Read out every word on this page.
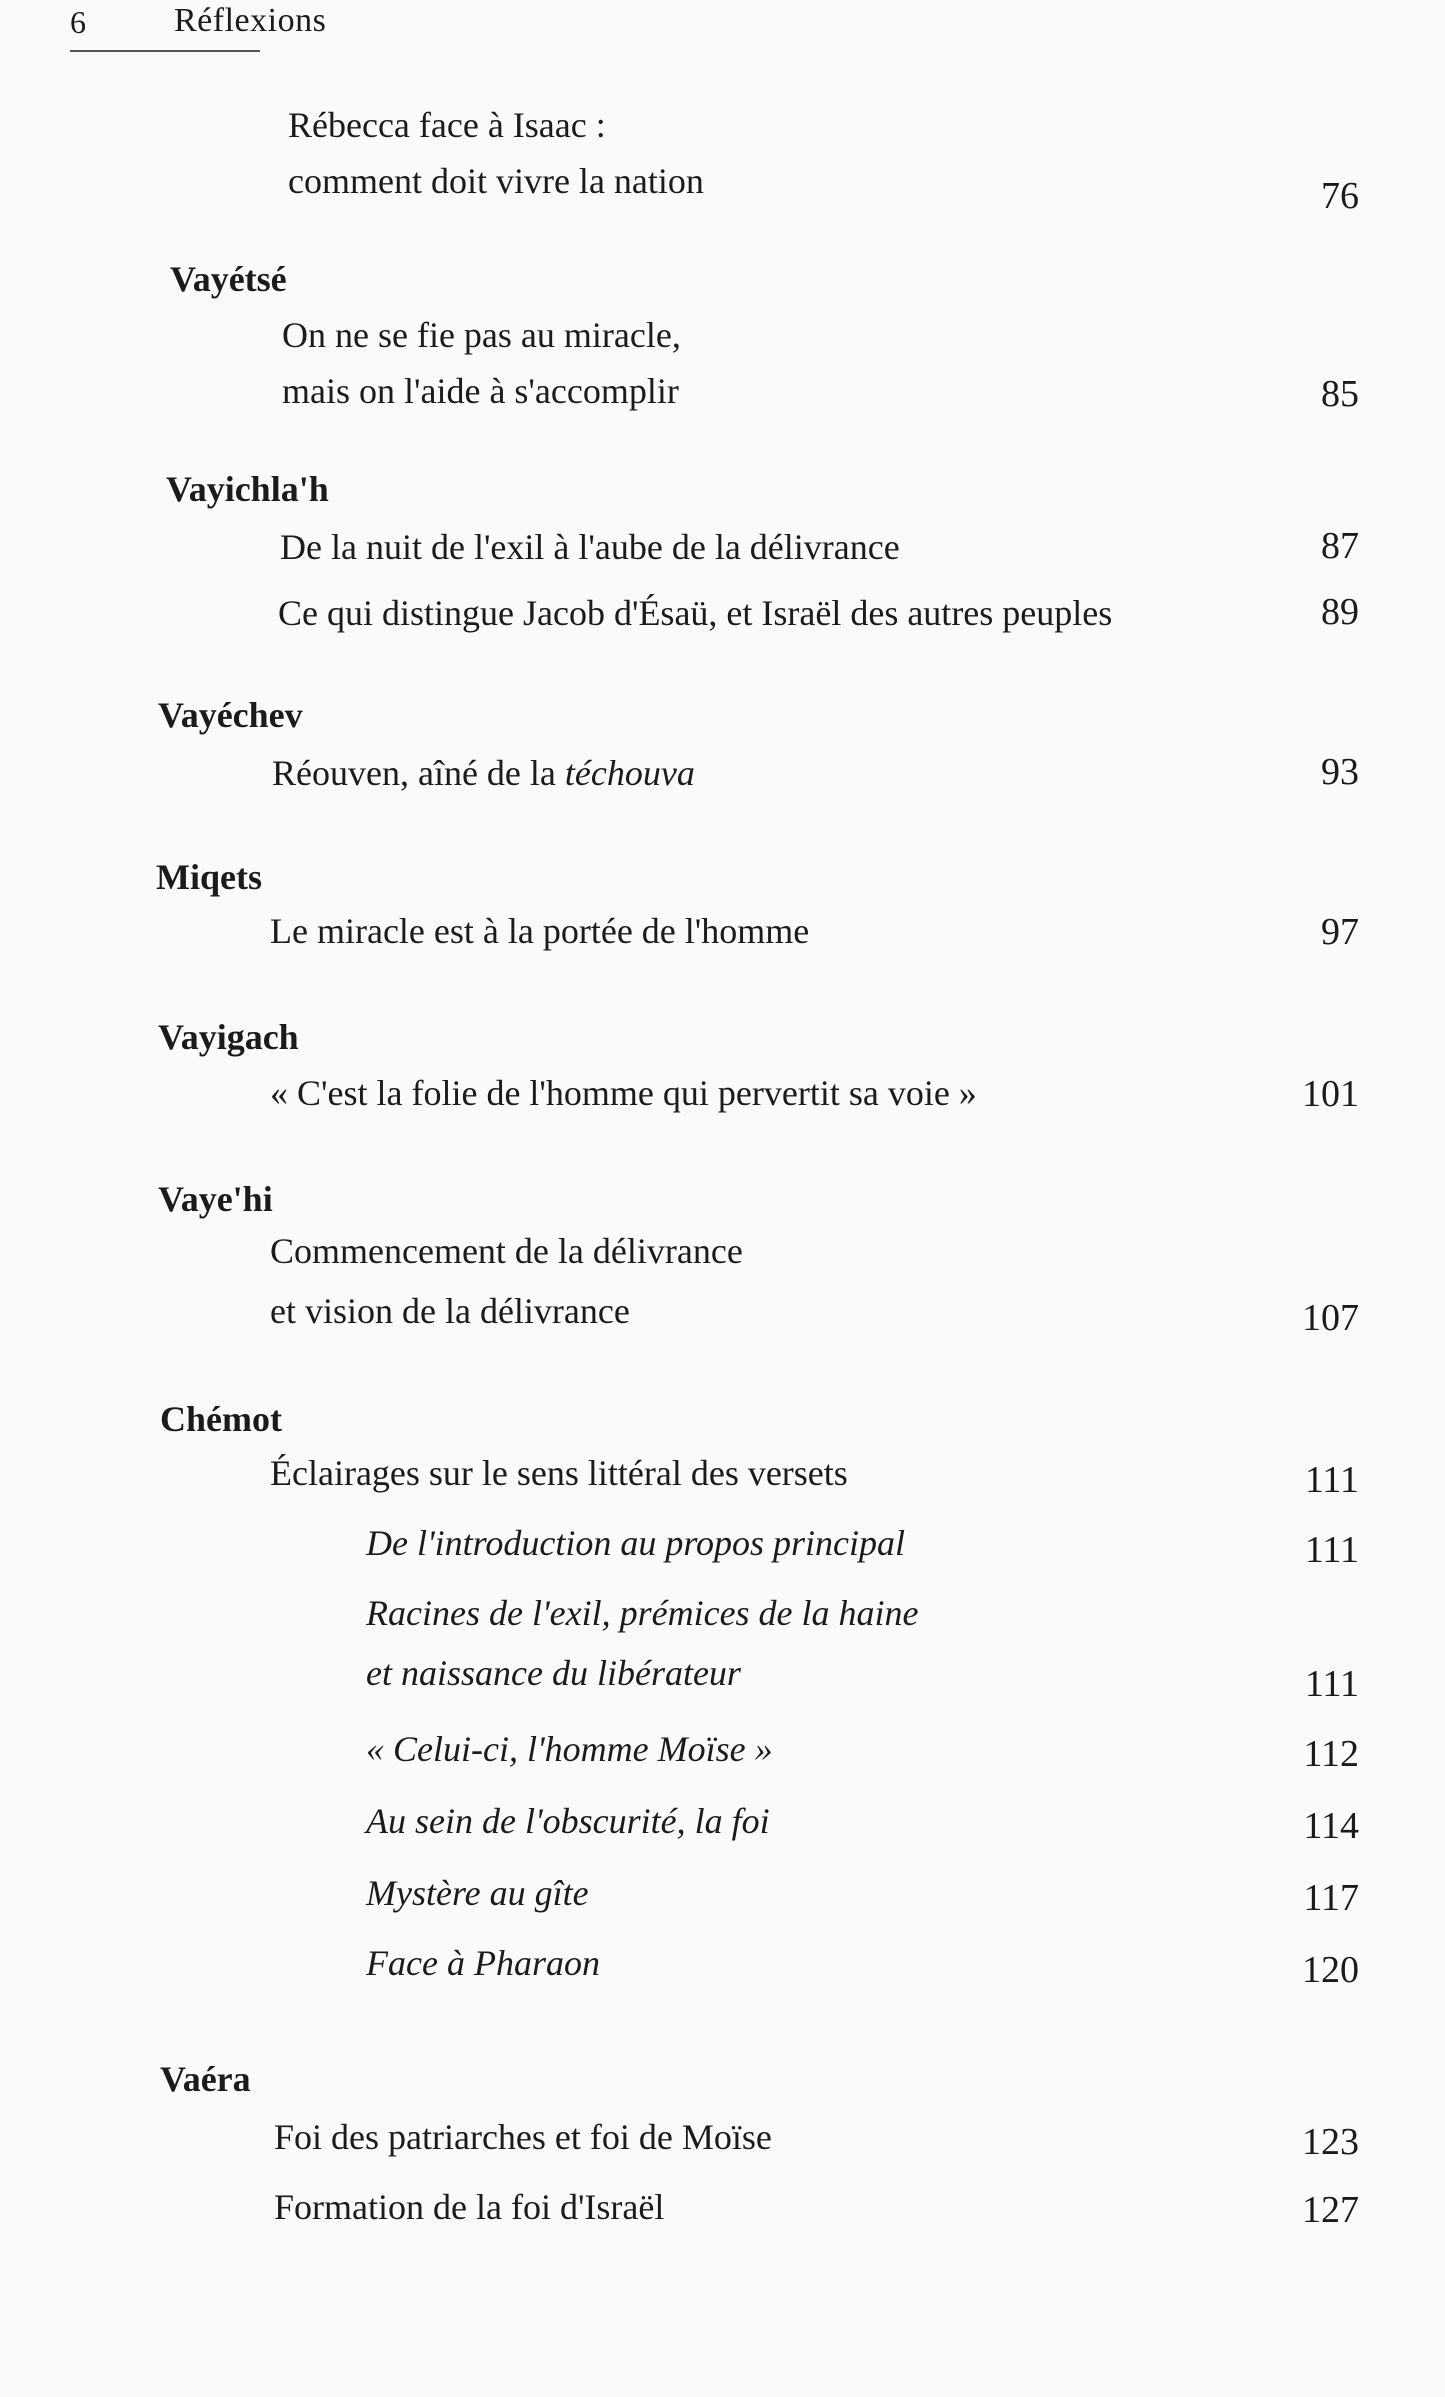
6	Réflexions
Rébecca face à Isaac :
comment doit vivre la nation	76
Vayétsé
On ne se fie pas au miracle,
mais on l'aide à s'accomplir	85
Vayichla'h
De la nuit de l'exil à l'aube de la délivrance	87
Ce qui distingue Jacob d'Ésaü, et Israël des autres peuples	89
Vayéchev
Réouven, aîné de la téchouva	93
Miqets
Le miracle est à la portée de l'homme	97
Vayigach
« C'est la folie de l'homme qui pervertit sa voie »	101
Vaye'hi
Commencement de la délivrance
et vision de la délivrance	107
Chémot
Éclairages sur le sens littéral des versets	111
De l'introduction au propos principal	111
Racines de l'exil, prémices de la haine
et naissance du libérateur	111
« Celui-ci, l'homme Moïse »	112
Au sein de l'obscurité, la foi	114
Mystère au gîte	117
Face à Pharaon	120
Vaéra
Foi des patriarches et foi de Moïse	123
Formation de la foi d'Israël	127
